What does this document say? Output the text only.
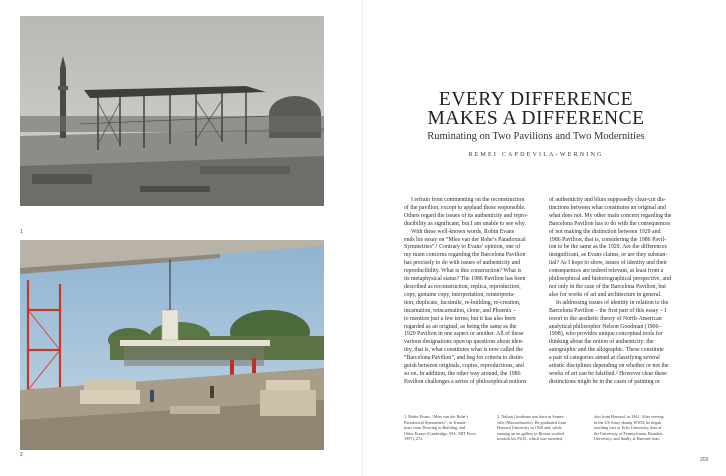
1
2
EVERY DIFFERENCE
MAKES A DIFFERENCE
Ruminating on Two Pavilions and Two Modernities
REMEI CAPDEVILA-WERNING

I refrain from commenting on the reconstruction
of the pavilion, except to applaud those responsible.
Others regard the issues of its authenticity and repro-
ducibility as significant, but I am unable to see why.
With these well-known words, Robin Evans
ends his essay on “Mies van der Rohe’s Paradoxical
Symmetries”.¹ Contrary to Evans’ opinion, one of
my main concerns regarding the Barcelona Pavilion
has precisely to do with issues of authenticity and
reproducibility. What is this construction? What is
its metaphysical status? The 1986 Pavilion has been
described as reconstruction, replica, reproduction,
copy, genuine copy, interpretation, reinterpreta-
tion, duplicate, facsimile, re-building, re-creation,
incarnation, reincarnation, clone, and Phoenix –
to mention just a few terms; but it has also been
regarded as an original, as being the same as the
1929 Pavilion in one aspect or another. All of these
various designations open up questions about iden-
tity, that is, what constitutes what is now called the
“Barcelona Pavilion”, and beg for criteria to distin-
guish between originals, copies, reproductions, and
so on. In addition, the other way around, the 1986
Pavilion challenges a series of philosophical notions

of authenticity and blurs supposedly clear-cut dis-
tinctions between what constitutes an original and
what does not. My other main concern regarding the
Barcelona Pavilion has to do with the consequences
of not making the distinction between 1929 and
1986 Pavilion, that is, considering the 1986 Pavil-
ion to be the same as the 1929. Are the differences
insignificant, as Evans claims, or are they substan-
tial? As I hope to show, issues of identity and their
consequences are indeed relevant, at least from a
philosophical and historiographical perspective, and
not only in the case of the Barcelona Pavilion, but
also for works of art and architecture in general.
In addressing issues of identity in relation to the
Barcelona Pavilion – the first part of this essay – I
resort to the aesthetic theory of North-American
analytical philosopher Nelson Goodman (1906–
1998), who provides unique conceptual tools for
thinking about the notion of authenticity: the
autographic and the allographic. These constitute
a pair of categories aimed at classifying several
artistic disciplines depending on whether or not the
works of art can be falsified.² However clear these
distinctions might be in the cases of painting or

1. Robin Evans, “Mies van der Rohe’s
Paradoxical Symmetries”, in Transla-
tions from Drawing to Building, and
Other Essays (Cambridge, MA: MIT Press,
1997), 272.
2. Nelson Goodman was born in Somer-
ville (Massachusetts). He graduated from
Harvard University in 1928 and, while
running an art gallery in Boston worked
towards his Ph.D., which was awarded,
also from Harvard, in 1941. After serving
in the US Army during WWII, he began
teaching first at Tufts University, then at
the University of Pennsylvania, Brandeis
University, and finally at Harvard from
203
